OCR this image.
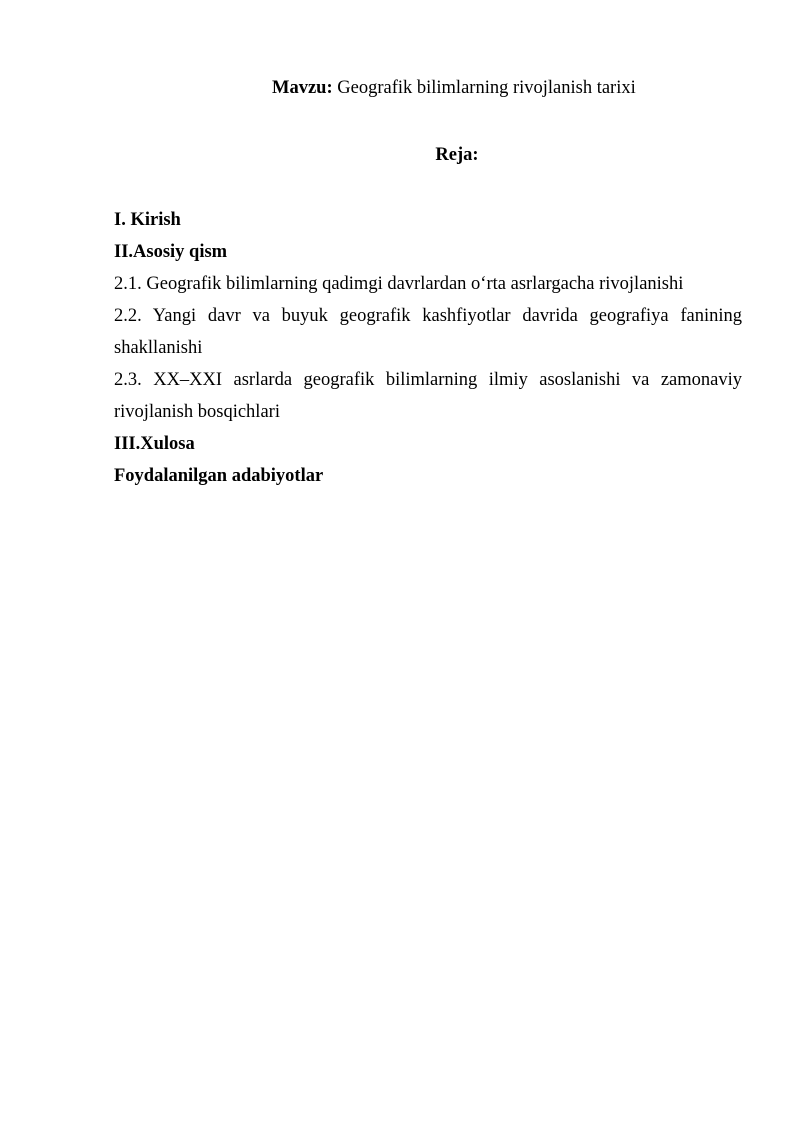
Mavzu: Geografik bilimlarning rivojlanish tarixi
Reja:

I. Kirish

II.Asosiy qism

2.1. Geografik bilimlarning qadimgi davrlardan o‘rta asrlargacha rivojlanishi

2.2. Yangi davr va buyuk geografik kashfiyotlar davrida geografiya fanining
shakllanishi
2.3. XX–XXI asrlarda geografik bilimlarning ilmiy asoslanishi va zamonaviy
rivojlanish bosqichlari

III.Xulosa

Foydalanilgan adabiyotlar
